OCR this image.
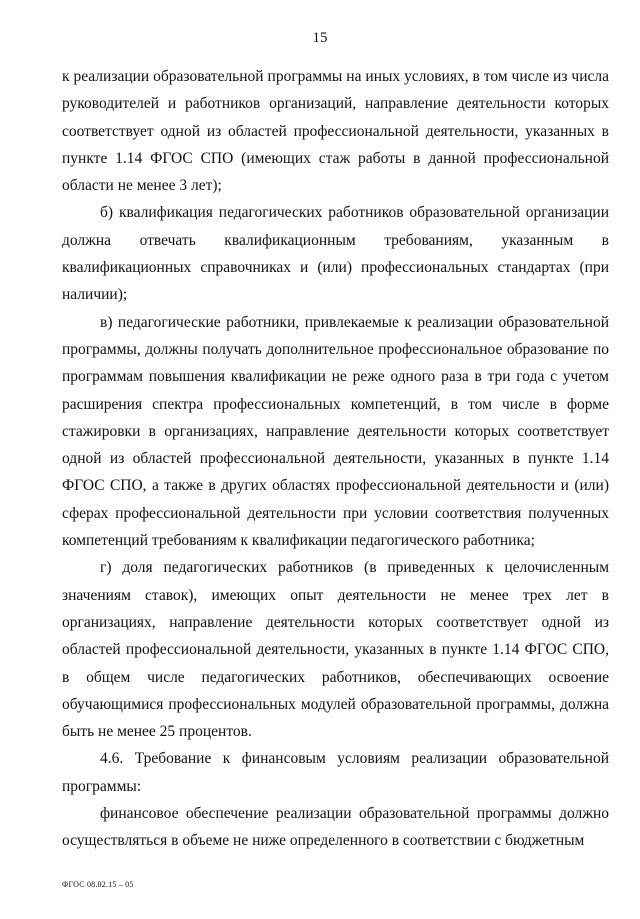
15

к реализации образовательной программы на иных условиях, в том числе из числа руководителей и работников организаций, направление деятельности которых соответствует одной из областей профессиональной деятельности, указанных в пункте 1.14 ФГОС СПО (имеющих стаж работы в данной профессиональной области не менее 3 лет);

б) квалификация педагогических работников образовательной организации должна отвечать квалификационным требованиям, указанным в квалификационных справочниках и (или) профессиональных стандартах (при наличии);

в) педагогические работники, привлекаемые к реализации образовательной программы, должны получать дополнительное профессиональное образование по программам повышения квалификации не реже одного раза в три года с учетом расширения спектра профессиональных компетенций, в том числе в форме стажировки в организациях, направление деятельности которых соответствует одной из областей профессиональной деятельности, указанных в пункте 1.14 ФГОС СПО, а также в других областях профессиональной деятельности и (или) сферах профессиональной деятельности при условии соответствия полученных компетенций требованиям к квалификации педагогического работника;

г) доля педагогических работников (в приведенных к целочисленным значениям ставок), имеющих опыт деятельности не менее трех лет в организациях, направление деятельности которых соответствует одной из областей профессиональной деятельности, указанных в пункте 1.14 ФГОС СПО, в общем числе педагогических работников, обеспечивающих освоение обучающимися профессиональных модулей образовательной программы, должна быть не менее 25 процентов.

4.6. Требование к финансовым условиям реализации образовательной программы:

финансовое обеспечение реализации образовательной программы должно осуществляться в объеме не ниже определенного в соответствии с бюджетным

ФГОС 08.02.15 – 05
